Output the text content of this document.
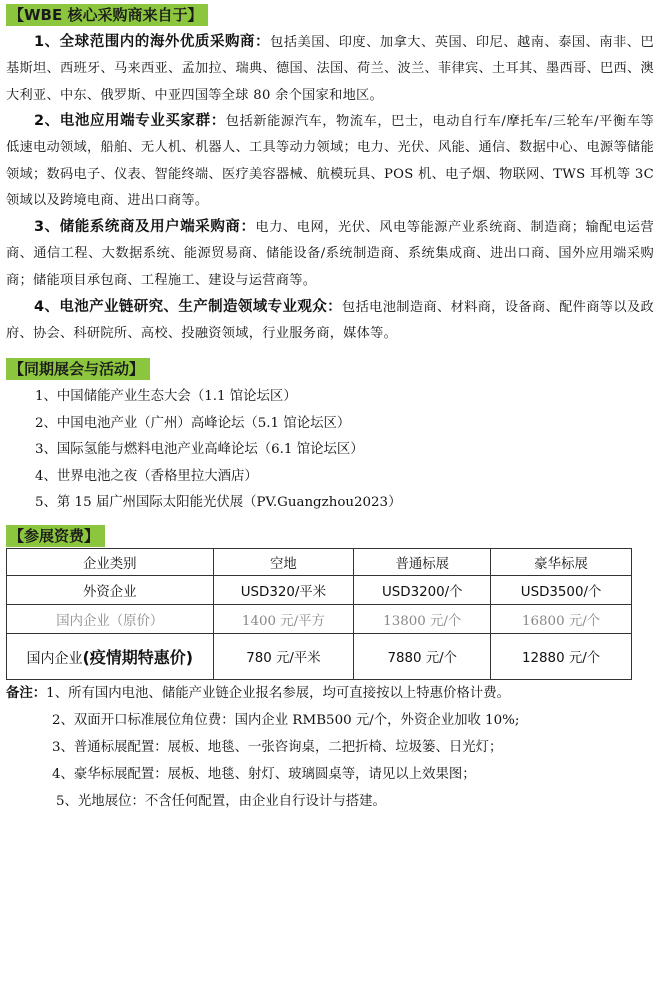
【WBE 核心采购商来自于】
1、全球范围内的海外优质采购商：包括美国、印度、加拿大、英国、印尼、越南、泰国、南非、巴基斯坦、西班牙、马来西亚、孟加拉、瑞典、德国、法国、荷兰、波兰、菲律宾、土耳其、墨西哥、巴西、澳大利亚、中东、俄罗斯、中亚四国等全球 80 余个国家和地区。
2、电池应用端专业买家群：包括新能源汽车，物流车，巴士，电动自行车/摩托车/三轮车/平衡车等低速电动领域，船舶、无人机、机器人、工具等动力领域；电力、光伏、风能、通信、数据中心、电源等储能领域；数码电子、仪表、智能终端、医疗美容器械、航模玩具、POS 机、电子烟、物联网、TWS 耳机等 3C 领域以及跨境电商、进出口商等。
3、储能系统商及用户端采购商：电力、电网，光伏、风电等能源产业系统商、制造商；输配电运营商、通信工程、大数据系统、能源贸易商、储能设备/系统制造商、系统集成商、进出口商、国外应用端采购商；储能项目承包商、工程施工、建设与运营商等。
4、电池产业链研究、生产制造领域专业观众：包括电池制造商、材料商，设备商、配件商等以及政府、协会、科研院所、高校、投融资领域，行业服务商，媒体等。
【同期展会与活动】
1、中国储能产业生态大会（1.1 馆论坛区）
2、中国电池产业（广州）高峰论坛（5.1 馆论坛区）
3、国际氢能与燃料电池产业高峰论坛（6.1 馆论坛区）
4、世界电池之夜（香格里拉大酒店）
5、第 15 届广州国际太阳能光伏展（PV.Guangzhou2023）
【参展资费】
企业类别	空地	普通标展	豪华标展
外资企业	USD320/平米	USD3200/个	USD3500/个
国内企业（原价）	1400 元/平方	13800 元/个	16800 元/个
国内企业(疫情期特惠价)	780 元/平米	7880 元/个	12880 元/个
备注：1、所有国内电池、储能产业链企业报名参展，均可直接按以上特惠价格计费。
2、双面开口标准展位角位费：国内企业 RMB500 元/个，外资企业加收 10%;
3、普通标展配置：展板、地毯、一张咨询桌，二把折椅、垃圾篓、日光灯；
4、豪华标展配置：展板、地毯、射灯、玻璃圆桌等，请见以上效果图；
5、光地展位：不含任何配置，由企业自行设计与搭建。
